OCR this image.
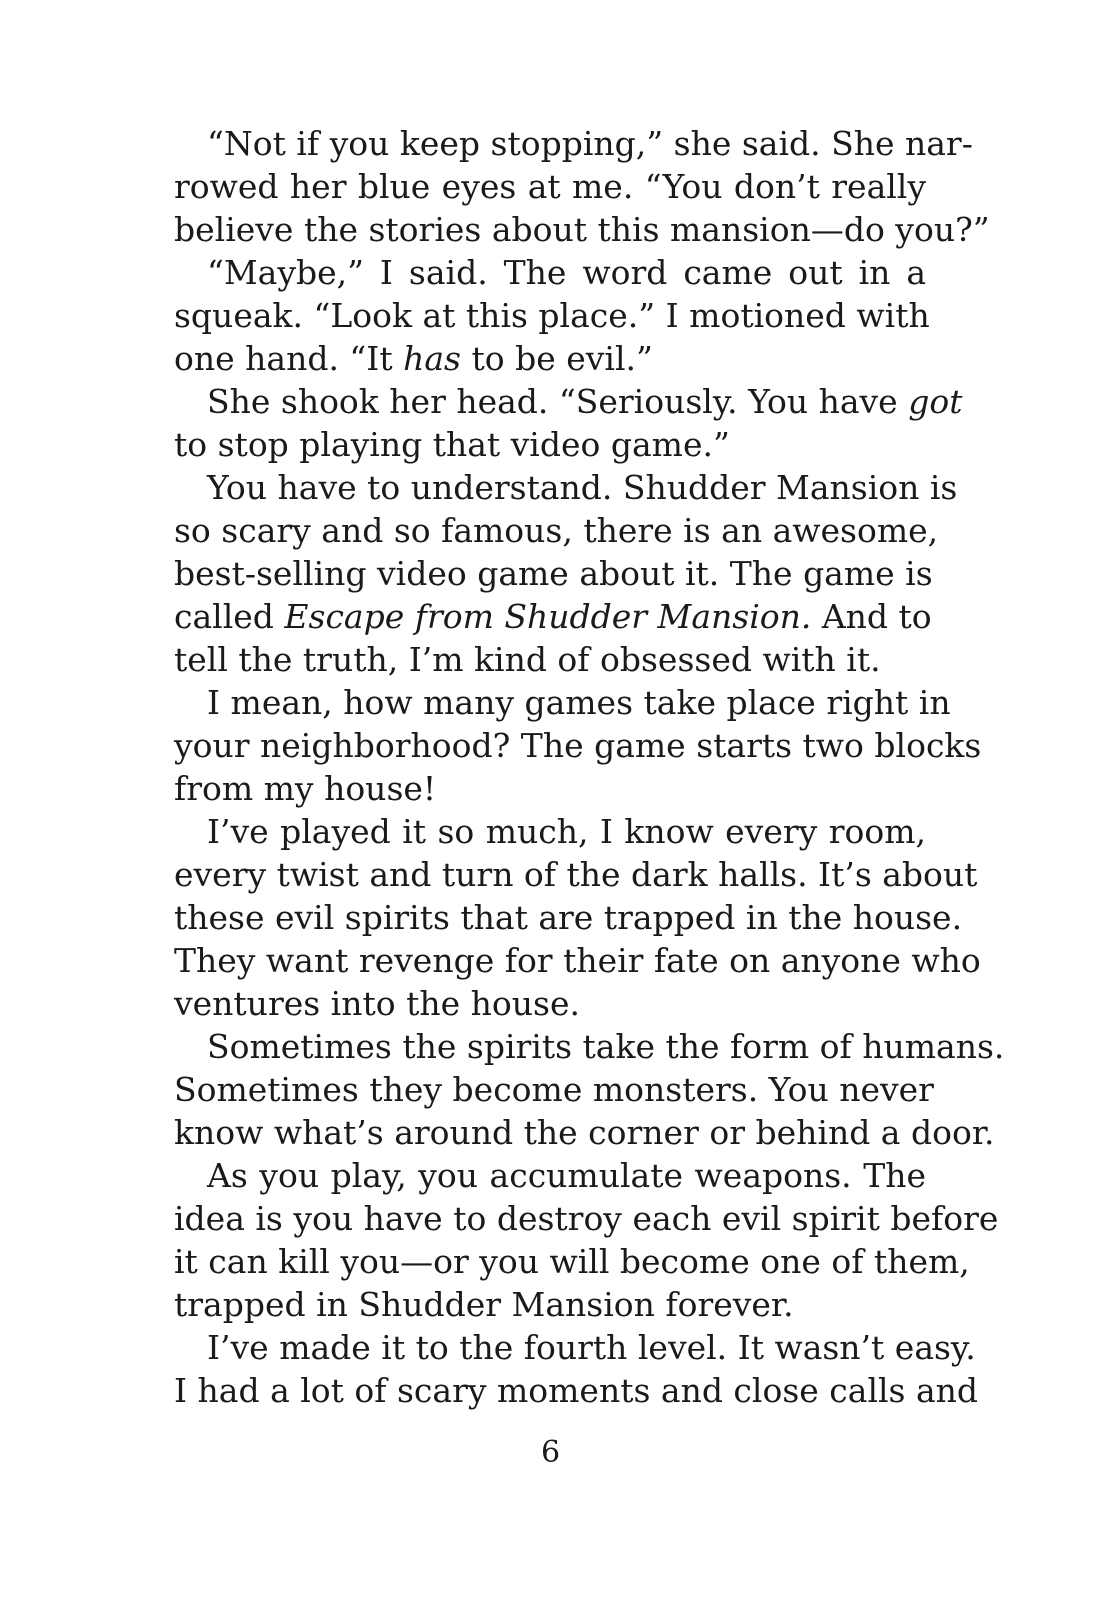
“Not if you keep stopping,” she said. She nar-
rowed her blue eyes at me. “You don’t really
believe the stories about this mansion—do you?”
“Maybe,” I said. The word came out in a
squeak. “Look at this place.” I motioned with
one hand. “It has to be evil.”
She shook her head. “Seriously. You have got
to stop playing that video game.”
You have to understand. Shudder Mansion is
so scary and so famous, there is an awesome,
best-selling video game about it. The game is
called Escape from Shudder Mansion. And to
tell the truth, I’m kind of obsessed with it.
I mean, how many games take place right in
your neighborhood? The game starts two blocks
from my house!
I’ve played it so much, I know every room,
every twist and turn of the dark halls. It’s about
these evil spirits that are trapped in the house.
They want revenge for their fate on anyone who
ventures into the house.
Sometimes the spirits take the form of humans.
Sometimes they become monsters. You never
know what’s around the corner or behind a door.
As you play, you accumulate weapons. The
idea is you have to destroy each evil spirit before
it can kill you—or you will become one of them,
trapped in Shudder Mansion forever.
I’ve made it to the fourth level. It wasn’t easy.
I had a lot of scary moments and close calls and
6
